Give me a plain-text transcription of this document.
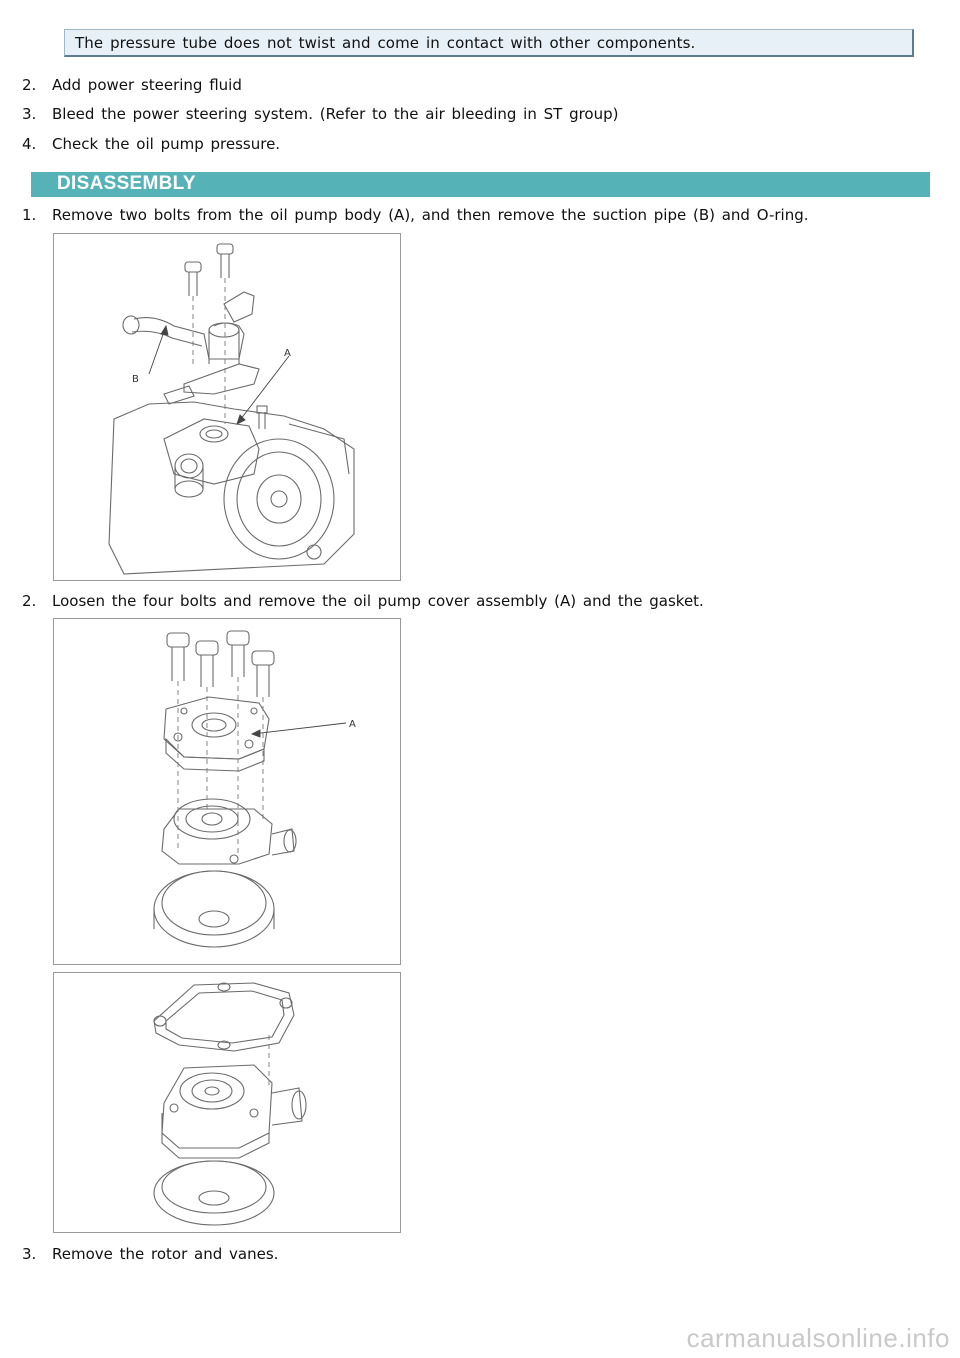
The pressure tube does not twist and come in contact with other components.
2. Add power steering fluid
3. Bleed the power steering system. (Refer to the air bleeding in ST group)
4. Check the oil pump pressure.
DISASSEMBLY
1. Remove two bolts from the oil pump body (A), and then remove the suction pipe (B) and O-ring.
B
A
2. Loosen the four bolts and remove the oil pump cover assembly (A) and the gasket.
A
3. Remove the rotor and vanes.
carmanualsonline.info
